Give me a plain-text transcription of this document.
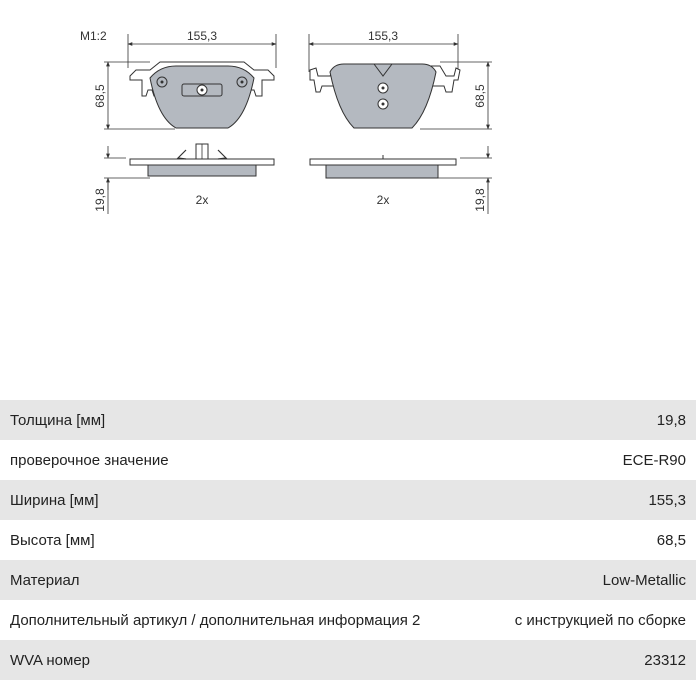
M1:2	155,3
68,5
19,8	2x
155,3
68,5
19,8
2x
Толщина [мм]	19,8
проверочное значение	ECE-R90
Ширина [мм]	155,3
Высота [мм]	68,5
Материал	Low-Metallic
Дополнительный артикул / дополнительная информация 2	с инструкцией по сборке
WVA номер	23312
